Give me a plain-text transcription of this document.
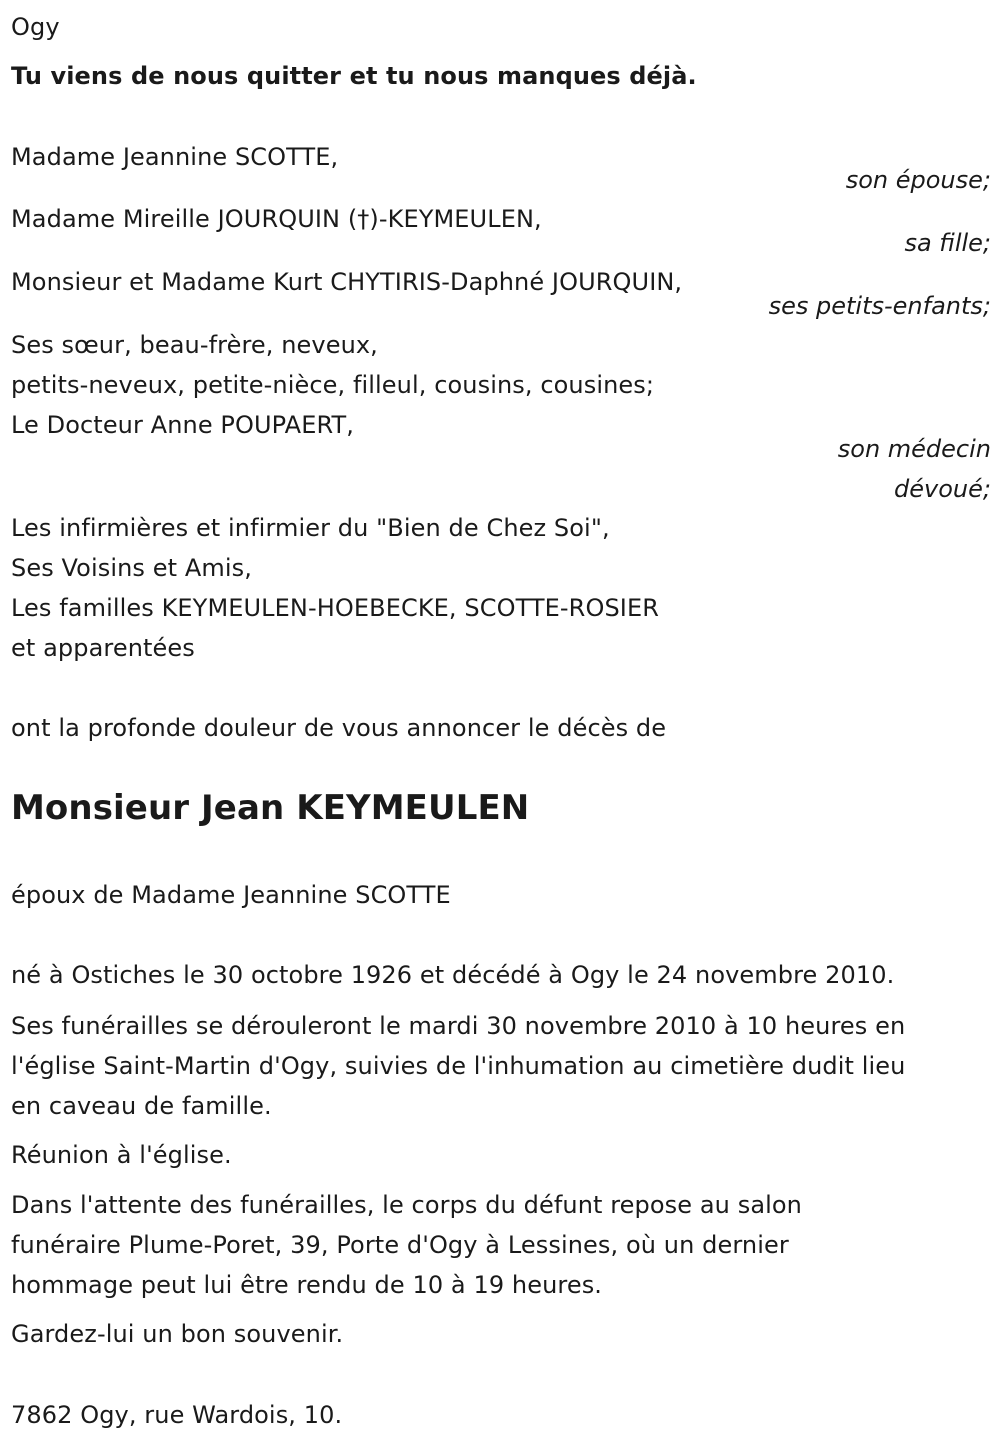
Ogy
Tu viens de nous quitter et tu nous manques déjà.
Madame Jeannine SCOTTE,
son épouse;
Madame Mireille JOURQUIN (†)-KEYMEULEN,
sa fille;
Monsieur et Madame Kurt CHYTIRIS-Daphné JOURQUIN,
ses petits-enfants;
Ses sœur, beau-frère, neveux,
petits-neveux, petite-nièce, filleul, cousins, cousines;
Le Docteur Anne POUPAERT,
son médecin
dévoué;
Les infirmières et infirmier du "Bien de Chez Soi",
Ses Voisins et Amis,
Les familles KEYMEULEN-HOEBECKE, SCOTTE-ROSIER
et apparentées
ont la profonde douleur de vous annoncer le décès de
Monsieur Jean KEYMEULEN
époux de Madame Jeannine SCOTTE
né à Ostiches le 30 octobre 1926 et décédé à Ogy le 24 novembre 2010.
Ses funérailles se dérouleront le mardi 30 novembre 2010 à 10 heures en
l'église Saint-Martin d'Ogy, suivies de l'inhumation au cimetière dudit lieu
en caveau de famille.
Réunion à l'église.
Dans l'attente des funérailles, le corps du défunt repose au salon
funéraire Plume-Poret, 39, Porte d'Ogy à Lessines, où un dernier
hommage peut lui être rendu de 10 à 19 heures.
Gardez-lui un bon souvenir.
7862 Ogy, rue Wardois, 10.
